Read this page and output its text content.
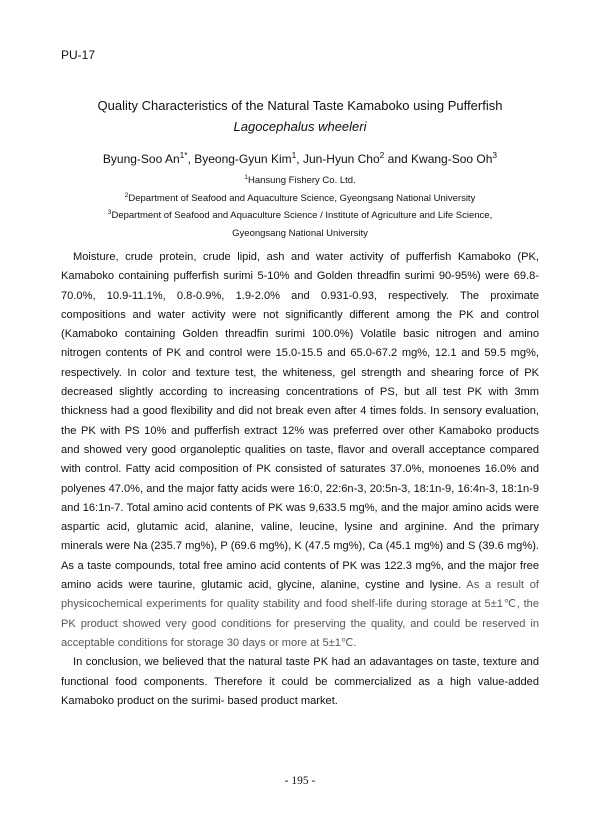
PU-17
Quality Characteristics of the Natural Taste Kamaboko using Pufferfish
Lagocephalus wheeleri
Byung-Soo $An^{1*}$, Byeong-Gyun Kim$^1$, Jun-Hyun Cho$^2$ and Kwang-Soo Oh$^3$
$^1$Hansung Fishery Co. Ltd.
$^2$Department of Seafood and Aquaculture Science, Gyeongsang National University
$^3$Department of Seafood and Aquaculture Science / Institute of Agriculture and Life Science,
Gyeongsang National University

Moisture, crude protein, crude lipid, ash and water activity of pufferfish Kamaboko (PK, Kamaboko containing pufferfish surimi 5-10% and Golden threadfin surimi 90-95%) were 69.8-70.0%, 10.9-11.1%, 0.8-0.9%, 1.9-2.0% and 0.931-0.93, respectively. The proximate compositions and water activity were not significantly different among the PK and control (Kamaboko containing Golden threadfin surimi 100.0%) Volatile basic nitrogen and amino nitrogen contents of PK and control were 15.0-15.5 and 65.0-67.2 mg%, 12.1 and 59.5 mg%, respectively. In color and texture test, the whiteness, gel strength and shearing force of PK decreased slightly according to increasing concentrations of PS, but all test PK with 3mm thickness had a good flexibility and did not break even after 4 times folds. In sensory evaluation, the PK with PS 10% and pufferfish extract 12% was preferred over other Kamaboko products and showed very good organoleptic qualities on taste, flavor and overall acceptance compared with control. Fatty acid composition of PK consisted of saturates 37.0%, monoenes 16.0% and polyenes 47.0%, and the major fatty acids were 16:0, 22:6n-3, 20:5n-3, 18:1n-9, 16:4n-3, 18:1n-9 and 16:1n-7. Total amino acid contents of PK was 9,633.5 mg%, and the major amino acids were aspartic acid, glutamic acid, alanine, valine, leucine, lysine and arginine. And the primary minerals were Na (235.7 mg%), P (69.6 mg%), K (47.5 mg%), Ca (45.1 mg%) and S (39.6 mg%). As a taste compounds, total free amino acid contents of PK was 122.3 mg%, and the major free amino acids were taurine, glutamic acid, glycine, alanine, cystine and lysine. As a result of physicochemical experiments for quality stability and food shelf-life during storage at 5±1℃, the PK product showed very good conditions for preserving the quality, and could be reserved in acceptable conditions for storage 30 days or more at 5±1℃.

In conclusion, we believed that the natural taste PK had an adavantages on taste, texture and functional food components. Therefore it could be commercialized as a high value-added Kamaboko product on the surimi- based product market.

- 195 -
